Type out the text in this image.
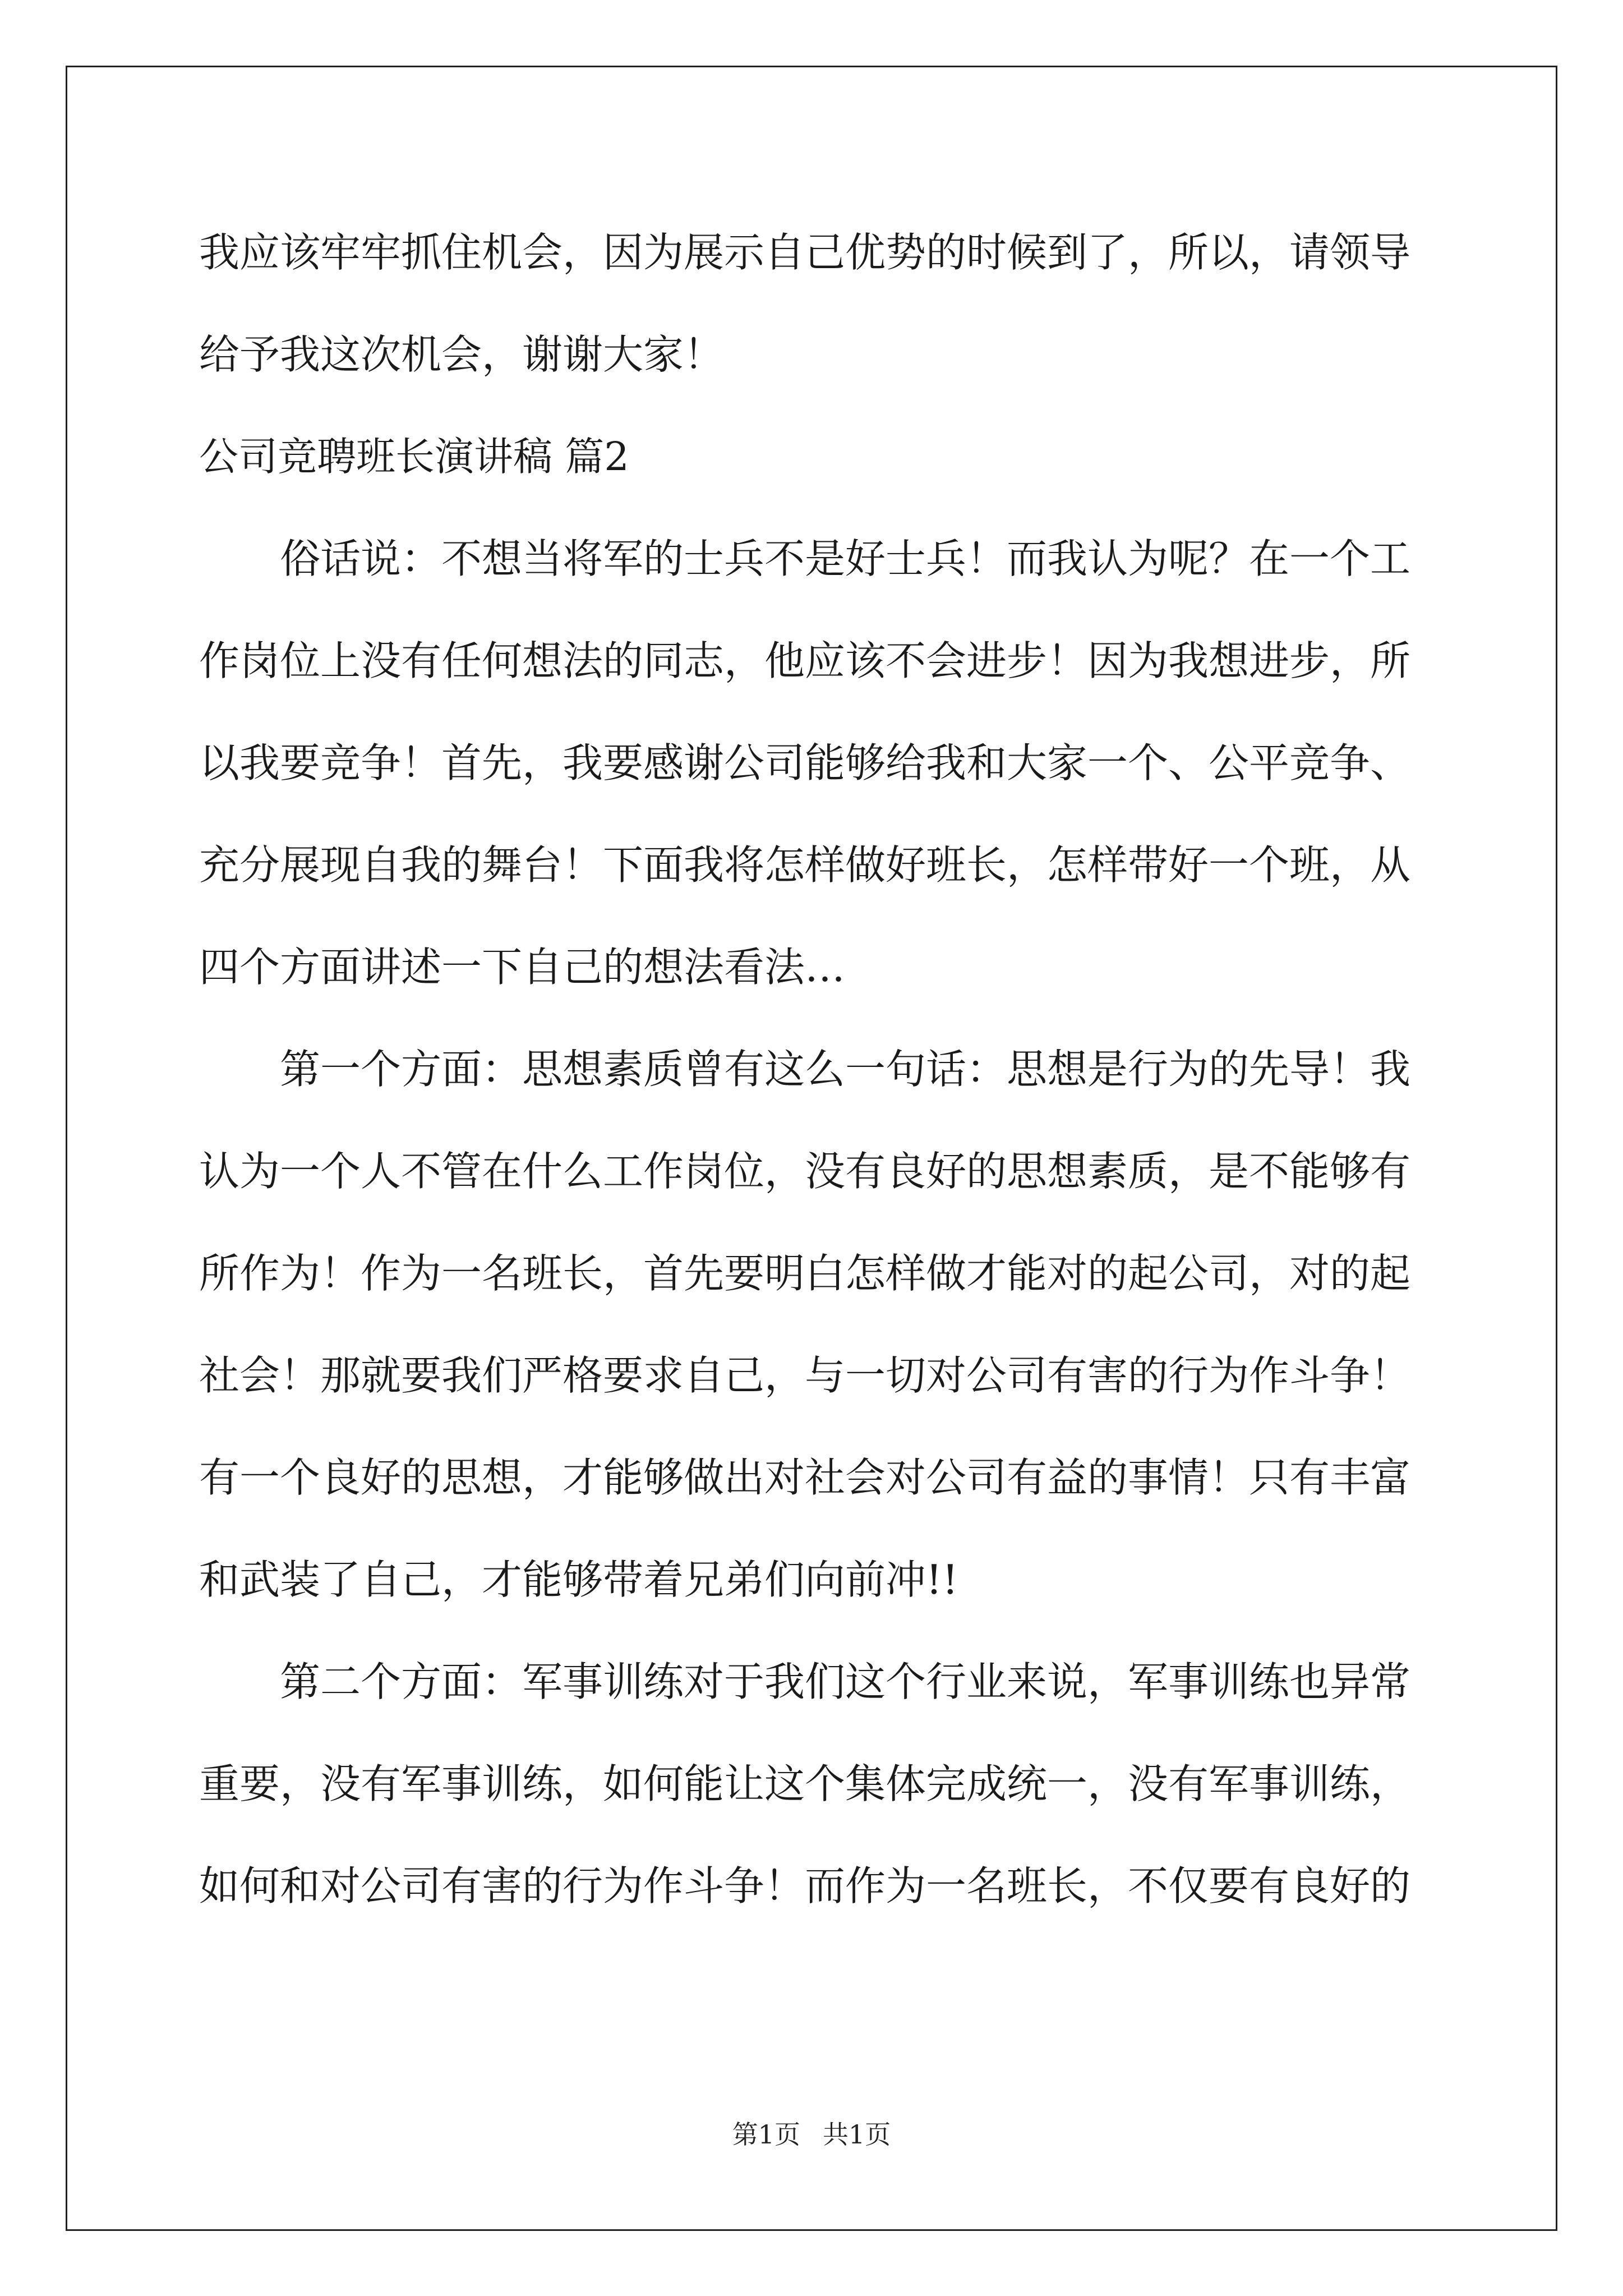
我应该牢牢抓住机会，因为展示自己优势的时候到了，所以，请领导
给予我这次机会，谢谢大家！
公司竞聘班长演讲稿 篇2
　　俗话说：不想当将军的士兵不是好士兵！而我认为呢？在一个工
作岗位上没有任何想法的同志，他应该不会进步！因为我想进步，所
以我要竞争！首先，我要感谢公司能够给我和大家一个、公平竞争、
充分展现自我的舞台！下面我将怎样做好班长，怎样带好一个班，从
四个方面讲述一下自己的想法看法…
　　第一个方面：思想素质曾有这么一句话：思想是行为的先导！我
认为一个人不管在什么工作岗位，没有良好的思想素质，是不能够有
所作为！作为一名班长，首先要明白怎样做才能对的起公司，对的起
社会！那就要我们严格要求自己，与一切对公司有害的行为作斗争！
有一个良好的思想，才能够做出对社会对公司有益的事情！只有丰富
和武装了自己，才能够带着兄弟们向前冲!!
　　第二个方面：军事训练对于我们这个行业来说，军事训练也异常
重要，没有军事训练，如何能让这个集体完成统一，没有军事训练，
如何和对公司有害的行为作斗争！而作为一名班长，不仅要有良好的
第1页 共1页
